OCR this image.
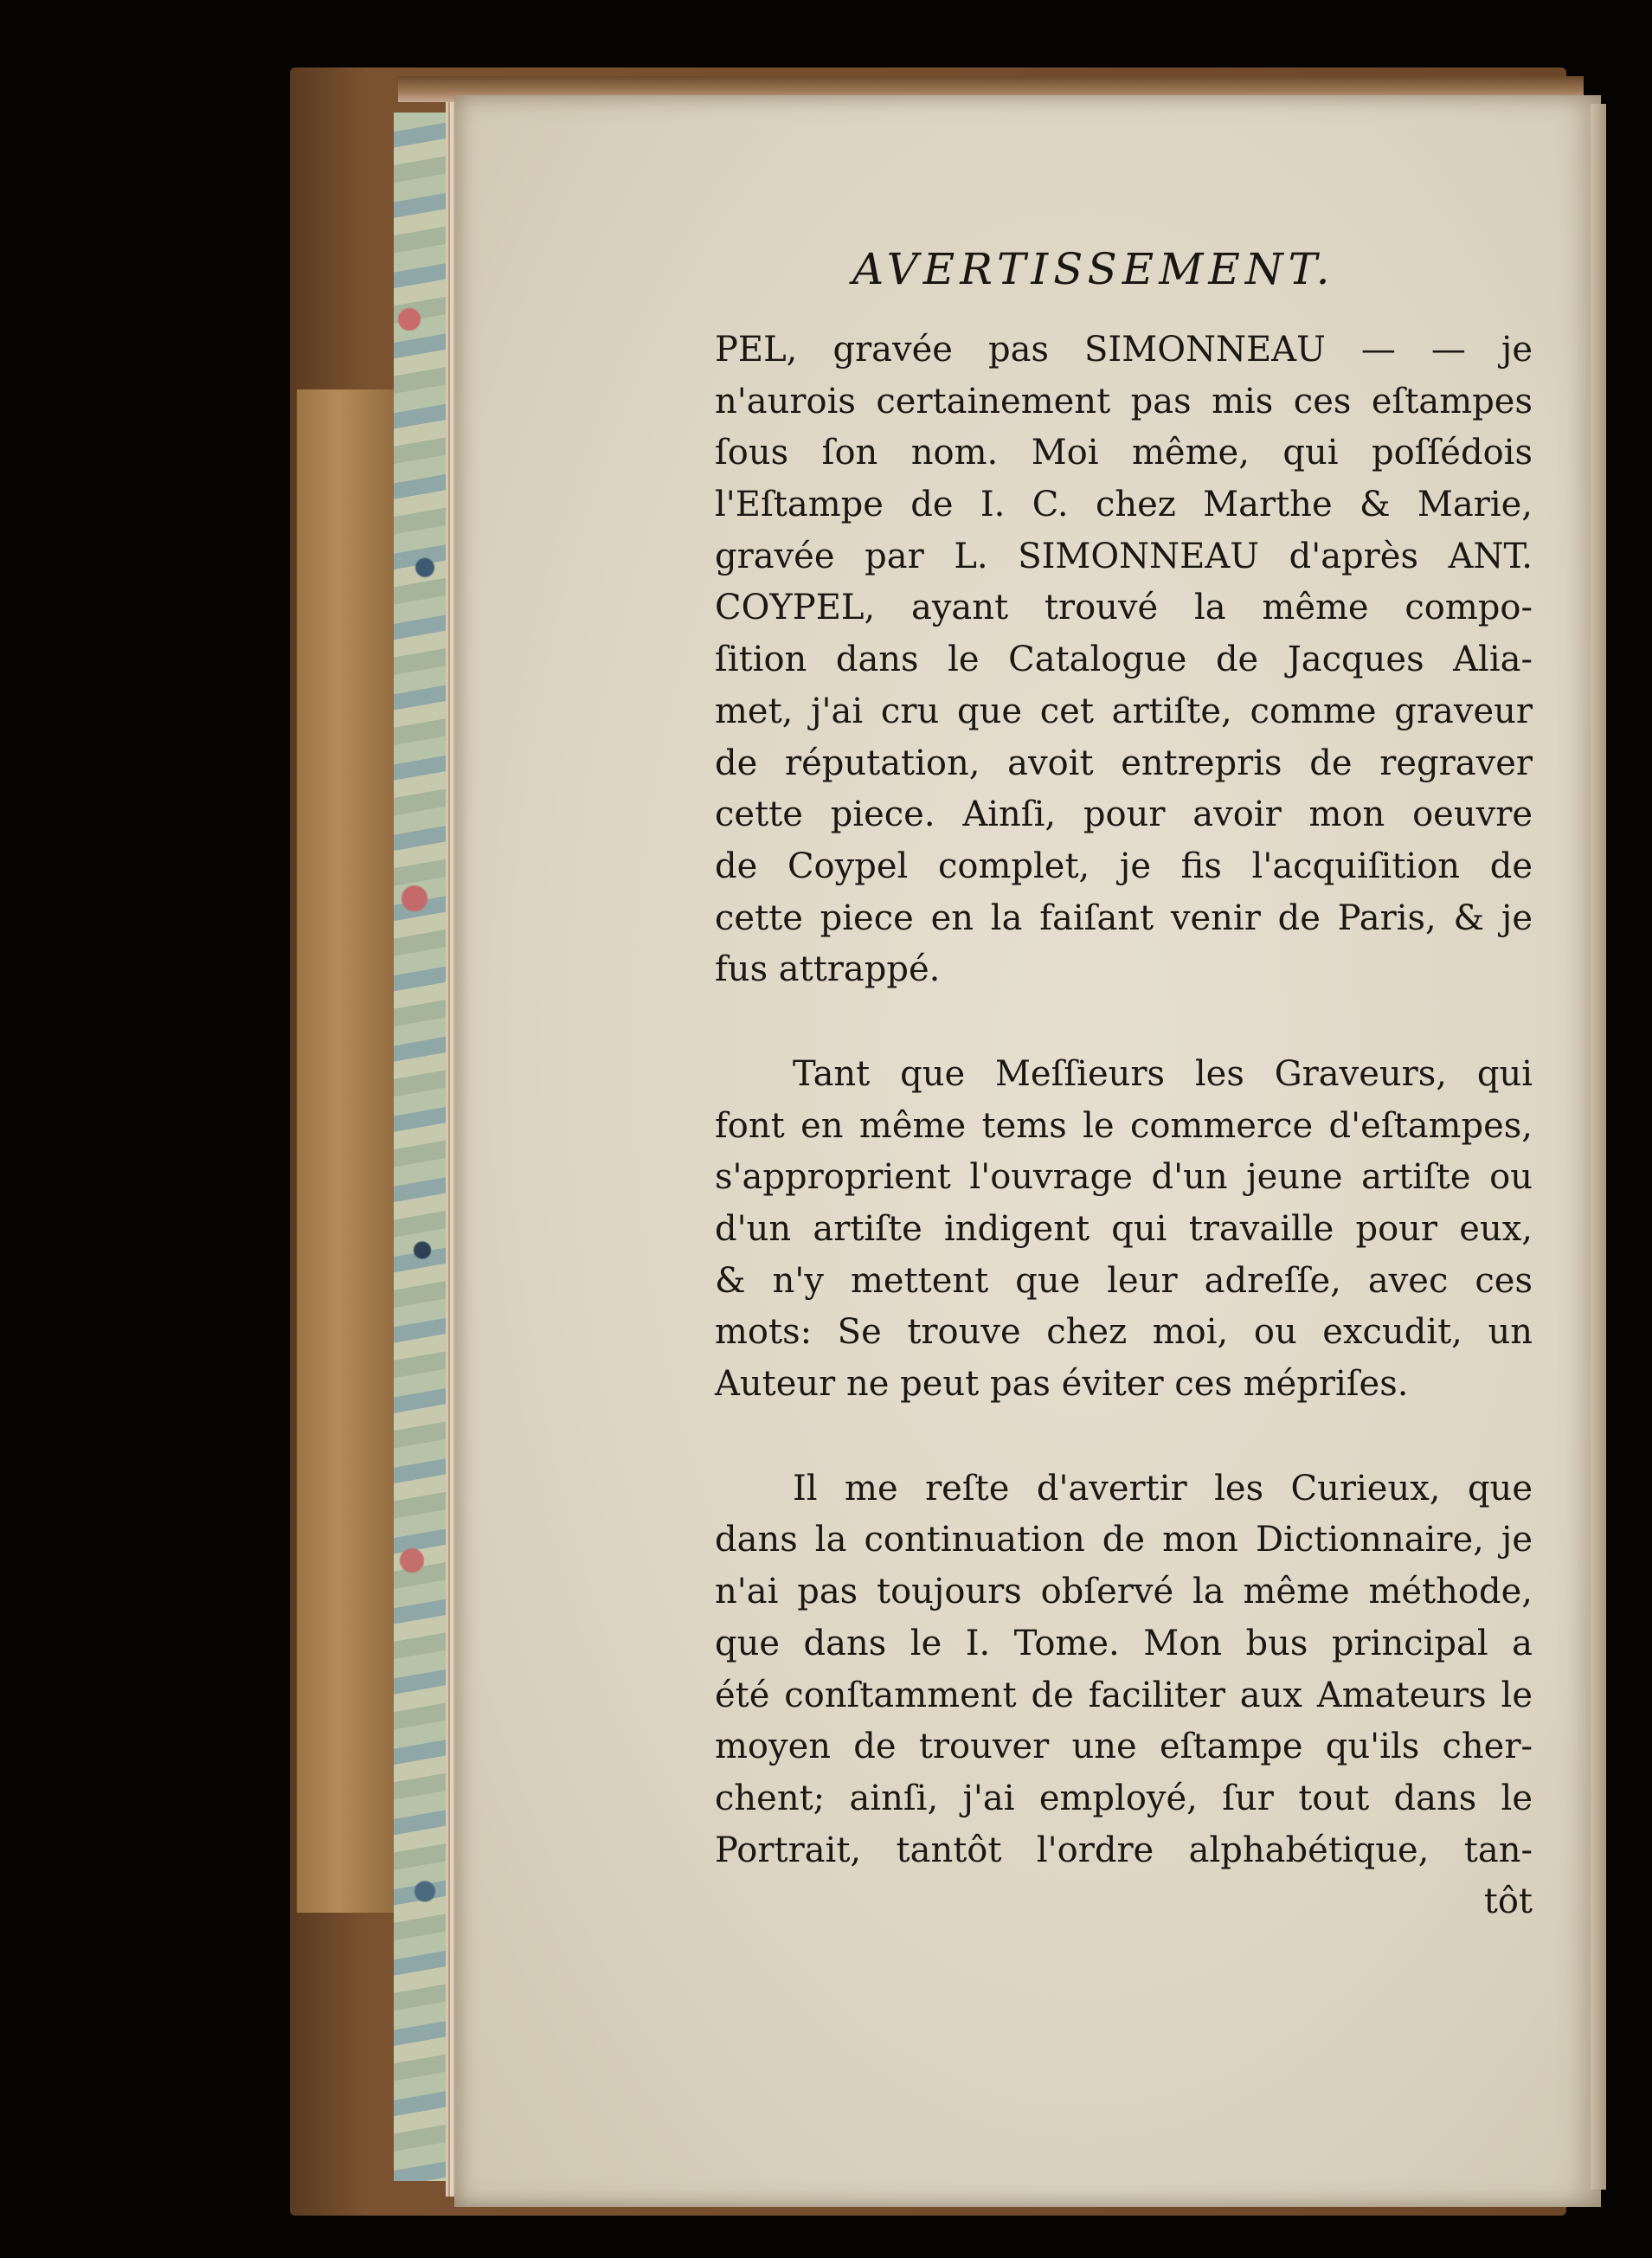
AVERTISSEMENT.
PEL, gravée pas SIMONNEAU — — je
n'aurois certainement pas mis ces eſtampes
ſous ſon nom. Moi même, qui poſſédois
l'Eſtampe de I. C. chez Marthe & Marie,
gravée par L. SIMONNEAU d'après ANT.
COYPEL, ayant trouvé la même compo-
ſition dans le Catalogue de Jacques Alia-
met, j'ai cru que cet artiſte, comme graveur
de réputation, avoit entrepris de regraver
cette piece. Ainſi, pour avoir mon oeuvre
de Coypel complet, je fis l'acquiſition de
cette piece en la faiſant venir de Paris, & je
fus attrappé.
Tant que Meſſieurs les Graveurs, qui
font en même tems le commerce d'eſtampes,
s'approprient l'ouvrage d'un jeune artiſte ou
d'un artiſte indigent qui travaille pour eux,
& n'y mettent que leur adreſſe, avec ces
mots: Se trouve chez moi, ou excudit, un
Auteur ne peut pas éviter ces mépriſes.
Il me reſte d'avertir les Curieux, que
dans la continuation de mon Dictionnaire, je
n'ai pas toujours obſervé la même méthode,
que dans le I. Tome. Mon bus principal a
été conſtamment de faciliter aux Amateurs le
moyen de trouver une eſtampe qu'ils cher-
chent; ainſi, j'ai employé, ſur tout dans le
Portrait, tantôt l'ordre alphabétique, tan-
tôt
